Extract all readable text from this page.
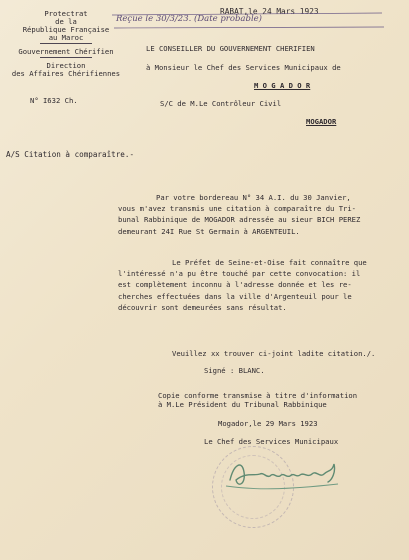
Protectrat
de la
République Française
au Maroc
Gouvernement Chérifien
Direction
des Affaires Chérifiennes
N° I632 Ch.
RABAT,le 24 Mars 1923
Reçue le 30/3/23. (Date probable)
LE CONSEILLER DU GOUVERNEMENT CHERIFIEN
à Monsieur le Chef des Services Municipaux de
M O G A D O R
S/C de M.Le Contrôleur Civil
MOGADOR
A/S Citation à comparaître.-
Par votre bordereau N° 34 A.I. du 30 Janvier,
vous m'avez transmis une citation à comparaître du Tri-
bunal Rabbinique de MOGADOR adressée au sieur BICH PEREZ
demeurant 24I Rue St Germain à ARGENTEUIL.
Le Préfet de Seine-et-Oise fait connaître que
l'intéressé n'a pu être touché par cette convocation: il
est complètement inconnu à l'adresse donnée et les re-
cherches effectuées dans la ville d'Argenteuil pour le
découvrir sont demeurées sans résultat.
Veuillez xx trouver ci-joint ladite citation./.
Signé : BLANC.
Copie conforme transmise à titre d'information
à M.Le Président du Tribunal Rabbinique
Mogador,le 29 Mars 1923
Le Chef des Services Municipaux
